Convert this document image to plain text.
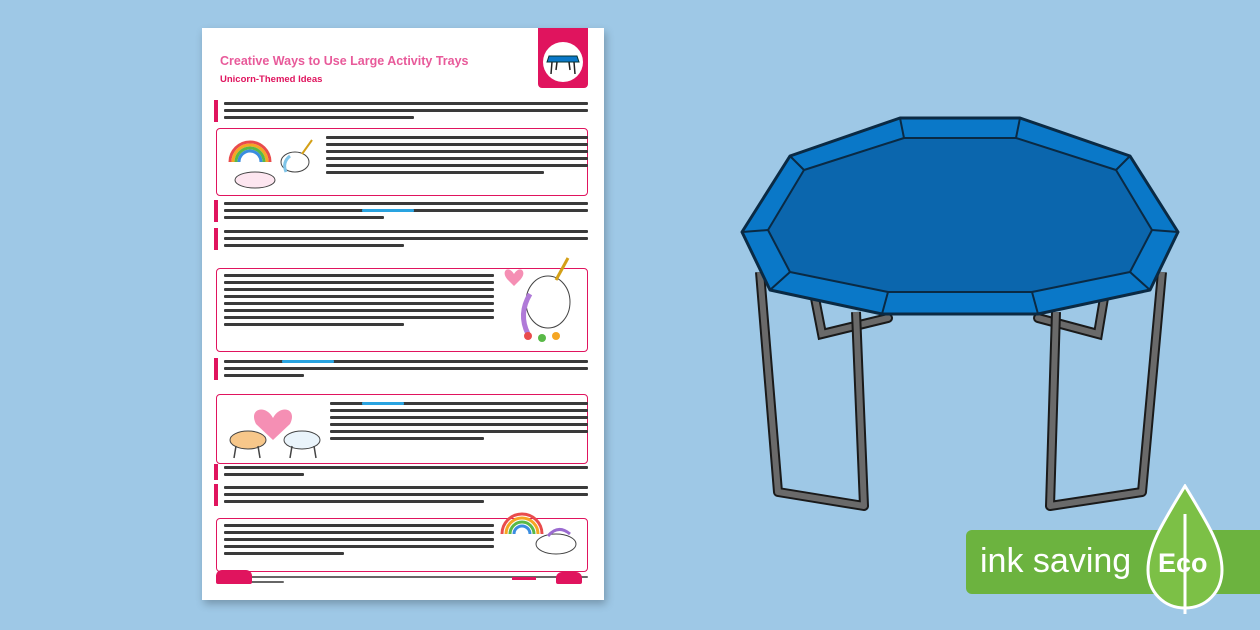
Creative Ways to Use Large Activity Trays
Unicorn-Themed Ideas
ink saving Eco
